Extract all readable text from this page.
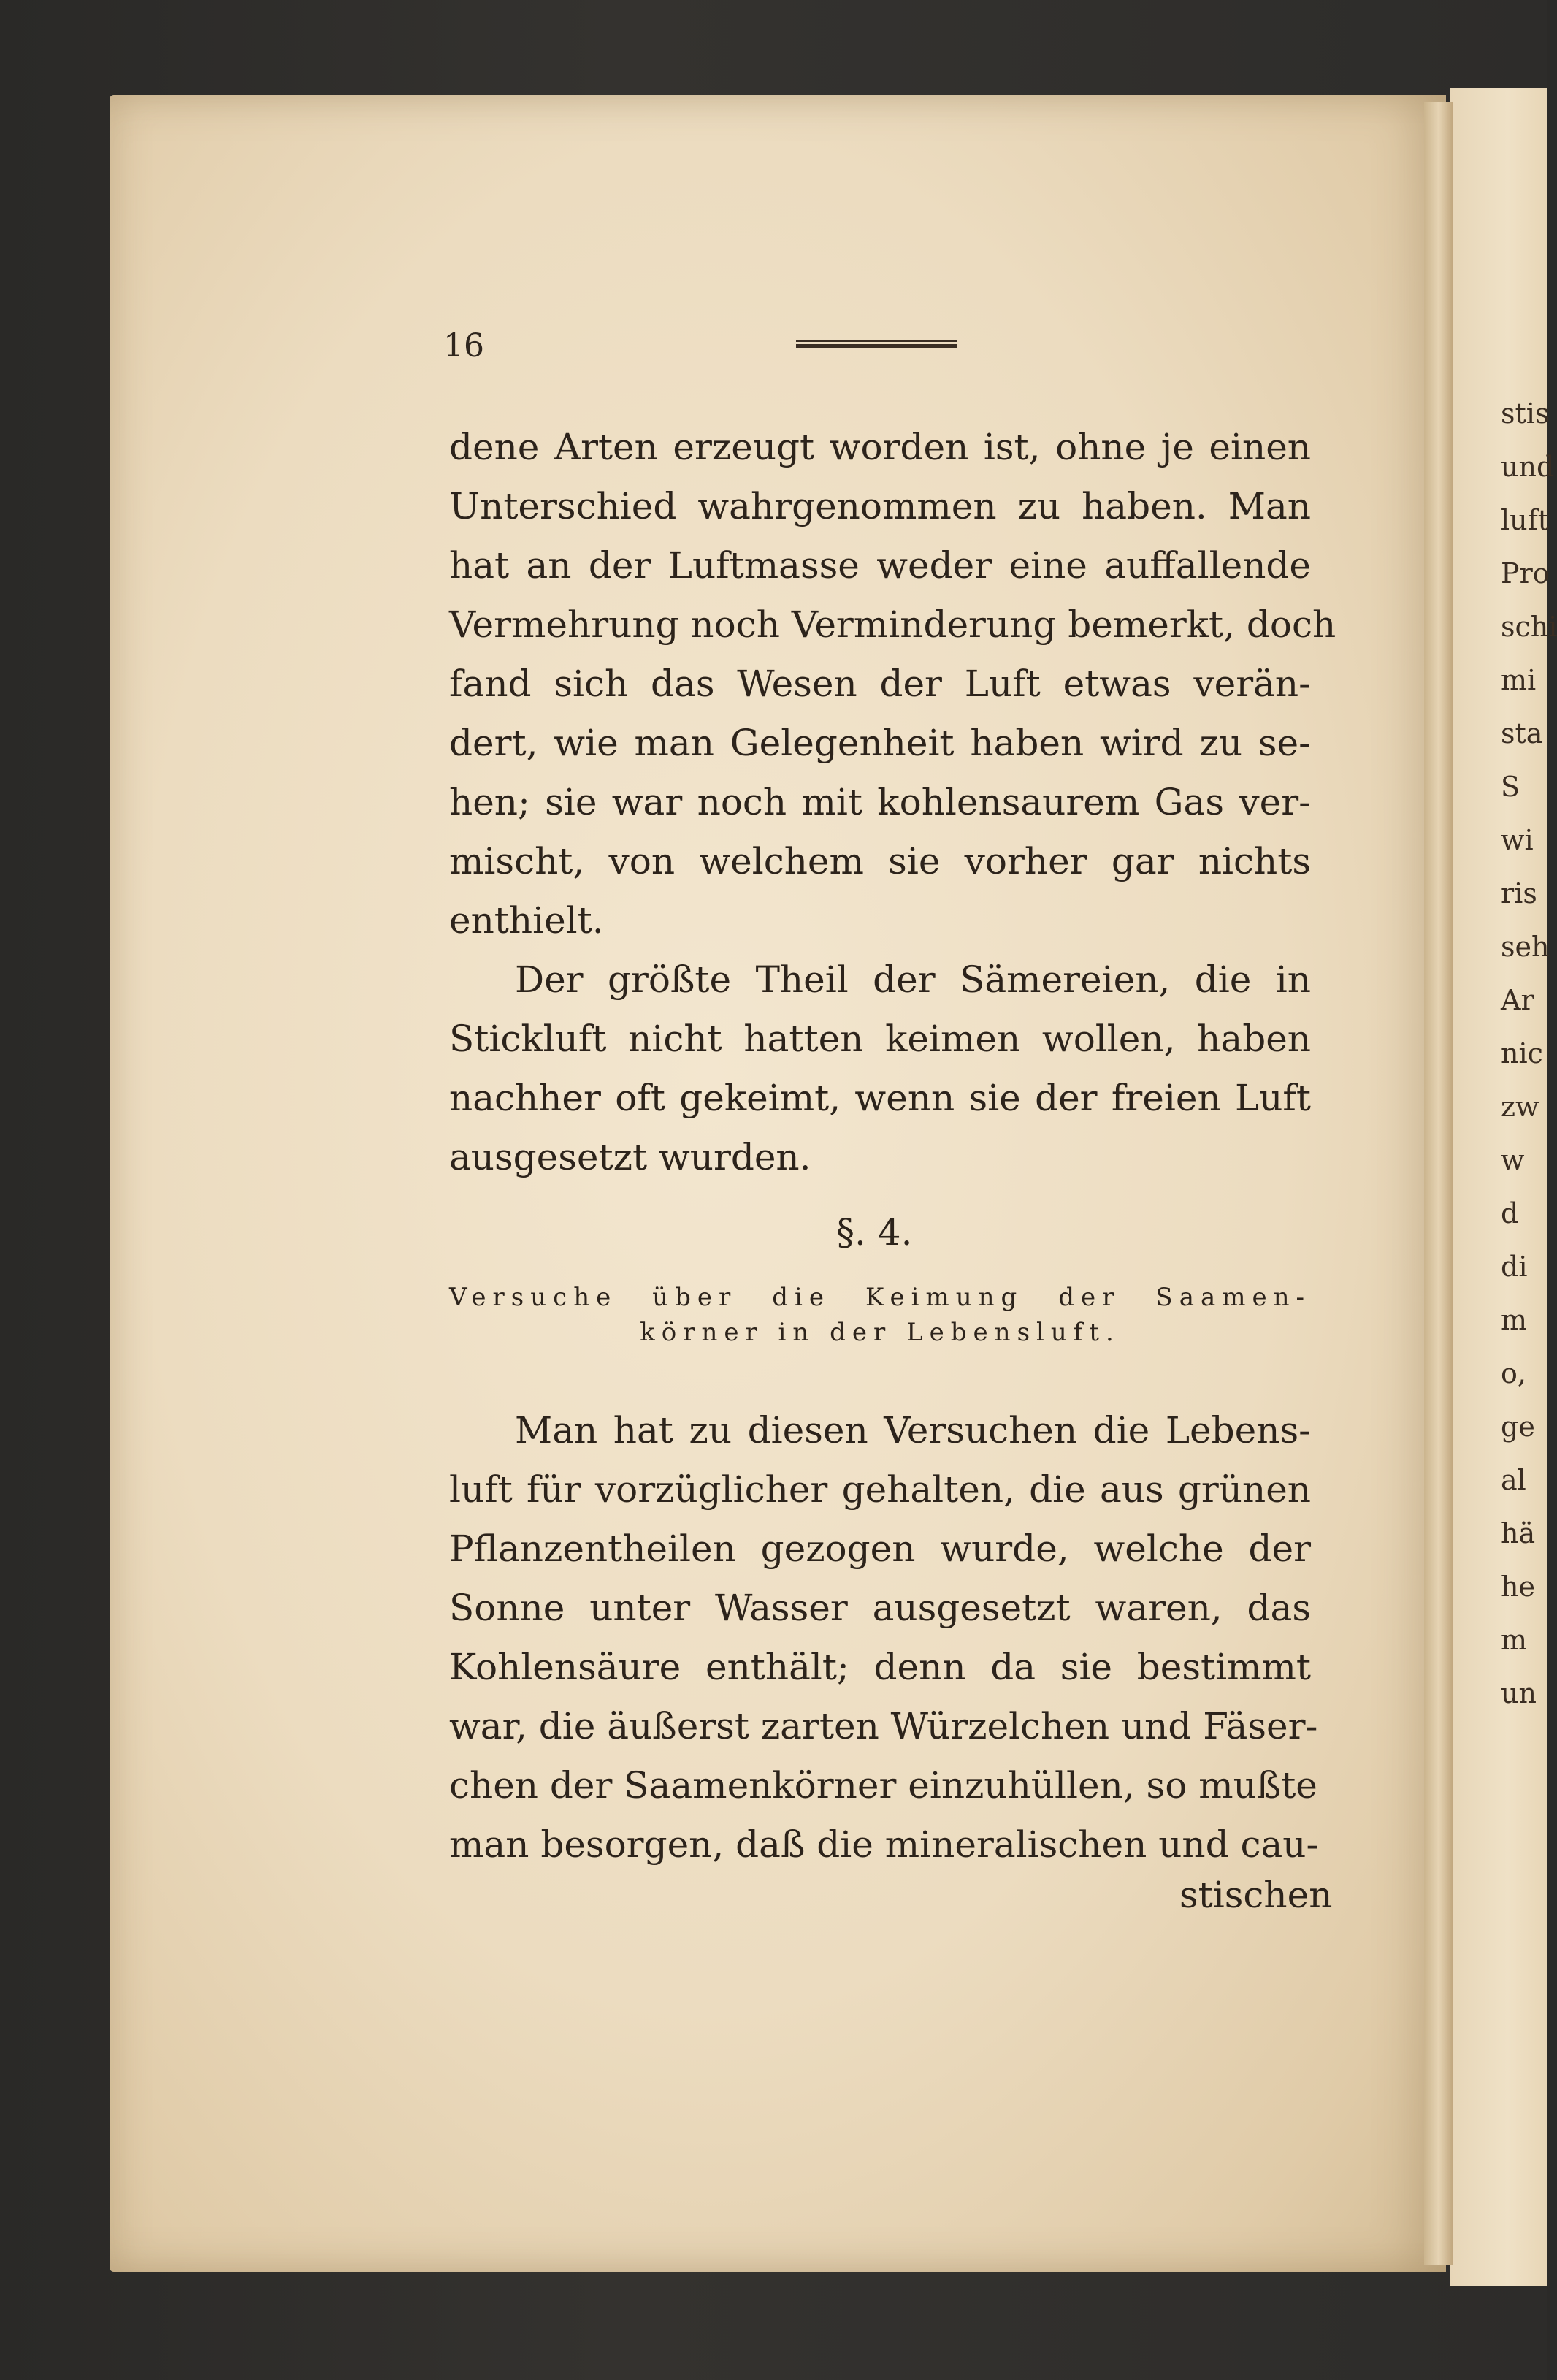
stis
und
luft
Pro
schi
mi
sta
S
wi
ris
seh
Ar
nic
zw
w
d
di
m
o,
ge
al
hä
he
m
un
16
dene Arten erzeugt worden ist, ohne je einen
Unterschied wahrgenommen zu haben. Man
hat an der Luftmasse weder eine auffallende
Vermehrung noch Verminderung bemerkt, doch
fand sich das Wesen der Luft etwas verän-
dert, wie man Gelegenheit haben wird zu se-
hen; sie war noch mit kohlensaurem Gas ver-
mischt, von welchem sie vorher gar nichts
enthielt.
Der größte Theil der Sämereien, die in
Stickluft nicht hatten keimen wollen, haben
nachher oft gekeimt, wenn sie der freien Luft
ausgesetzt wurden.
§. 4.
Versuche über die Keimung der Saamen-
körner in der Lebensluft.
Man hat zu diesen Versuchen die Lebens-
luft für vorzüglicher gehalten, die aus grünen
Pflanzentheilen gezogen wurde, welche der
Sonne unter Wasser ausgesetzt waren, das
Kohlensäure enthält; denn da sie bestimmt
war, die äußerst zarten Würzelchen und Fäser-
chen der Saamenkörner einzuhüllen, so mußte
man besorgen, daß die mineralischen und cau-
stischen
